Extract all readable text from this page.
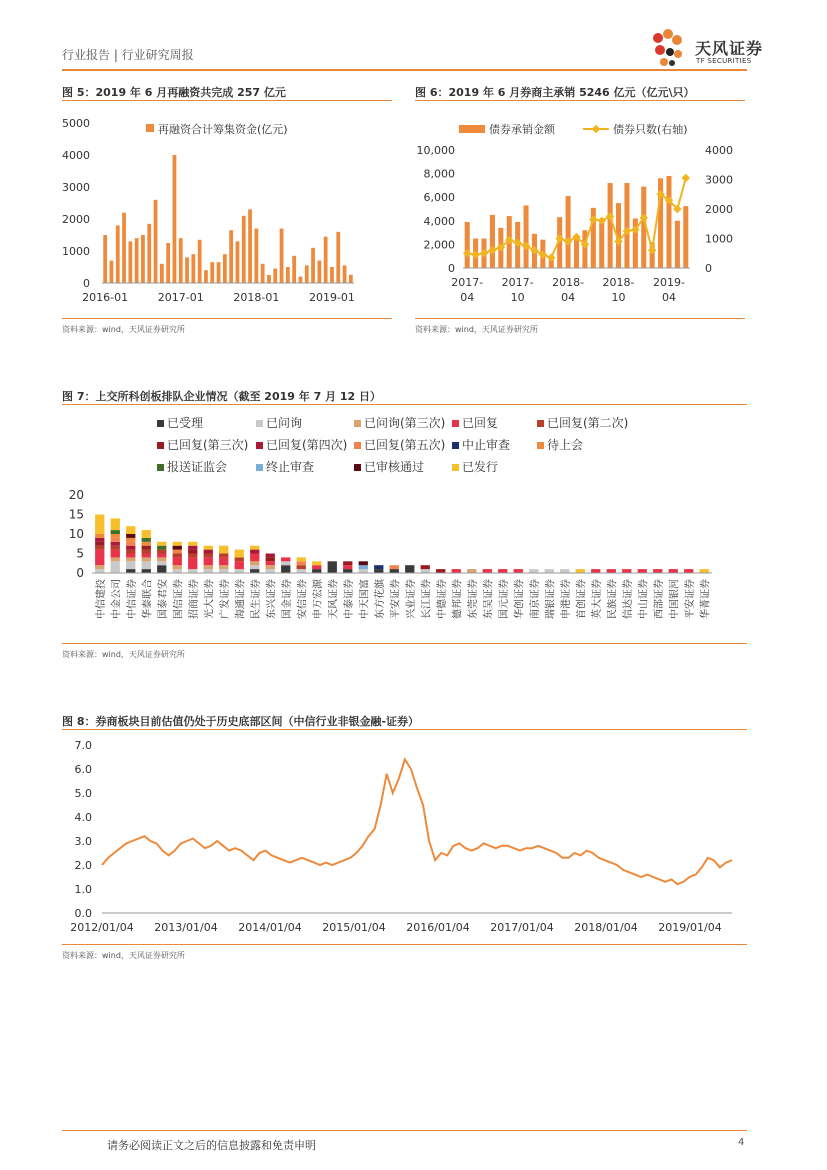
行业报告 | 行业研究周报	天风证券
TF SECURITIES
图 5：2019 年 6 月再融资共完成 257 亿元
0
1000
2000
3000
4000
5000
2016-01	2017-01	2018-01	2019-01
再融资合计筹集资金(亿元)
资料来源：wind，天风证券研究所
图 6：2019 年 6 月券商主承销 5246 亿元（亿元\只）
0
2,000
4,000
6,000
8,000
10,000
0
1000
2000
3000
4000
2017-
04
2017-
10
2018-
04
2018-
10
2019-
04
债券承销金额	债券只数(右轴)
资料来源：wind，天风证券研究所
图 7：上交所科创板排队企业情况（截至 2019 年 7 月 12 日）
已受理	已问询	已问询(第三次) 已回复	已回复(第二次)
已回复(第三次) 已回复(第四次) 已回复(第五次) 中止审查	待上会
报送证监会	终止审查	已审核通过	已发行
0
5
10
15
20
中信建投 中金公司 中信证券 华泰联合 国泰君安 国信证券 招商证券 光大证券 广发证券 海通证券 民生证券 东兴证券 国金证券 安信证券 申万宏源 天风证券 中泰证券 中天国富 东方花旗 平安证券 兴业证券 长江证券 中德证券 德邦证券 东莞证券 东吴证券 国元证券 华创证券 南京证券 瑞银证券 申港证券 首创证券 英大证券 民族证券 信达证券 中山证券 西部证券 中国银河 平安证券 华菁证券
资料来源：wind，天风证券研究所
图 8：券商板块目前估值仍处于历史底部区间（中信行业非银金融-证券）
0.0
1.0
2.0
3.0
4.0
5.0
6.0
7.0
2012/01/04 2013/01/04 2014/01/04 2015/01/04 2016/01/04 2017/01/04 2018/01/04 2019/01/04
资料来源：wind，天风证券研究所
请务必阅读正文之后的信息披露和免责申明	4
